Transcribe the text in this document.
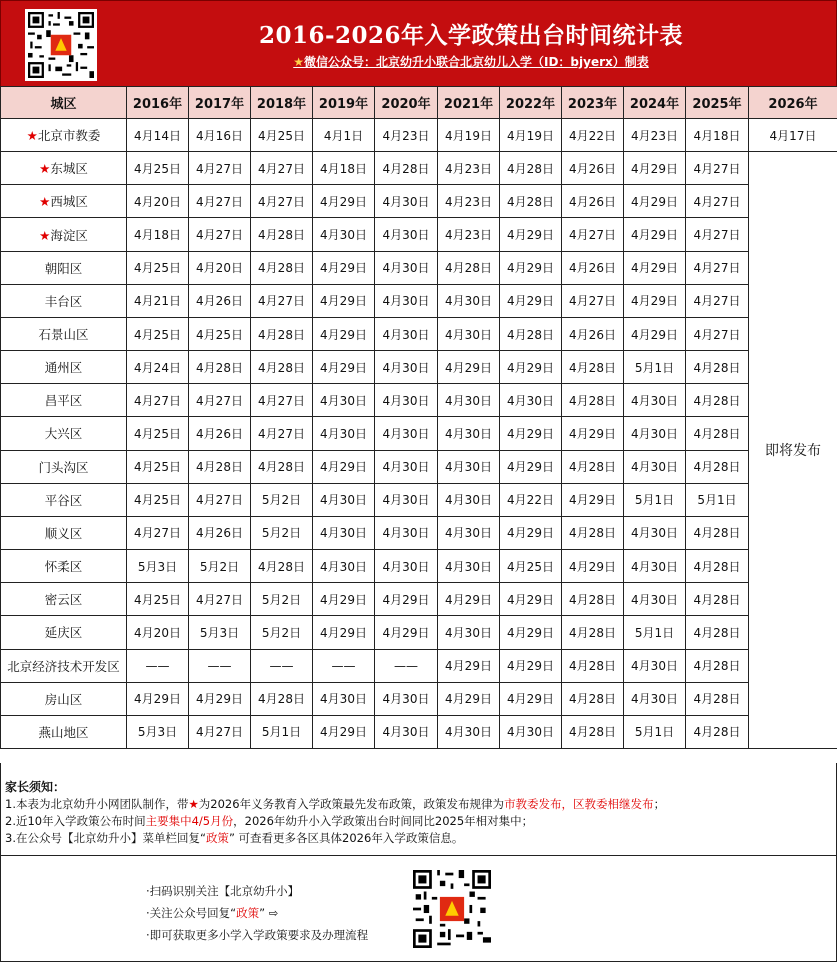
2016-2026年入学政策出台时间统计表
★微信公众号：北京幼升小联合北京幼儿入学（ID：bjyerx）制表
城区	2016年	2017年	2018年	2019年	2020年	2021年	2022年	2023年	2024年	2025年	2026年
★北京市教委	4月14日	4月16日	4月25日	4月1日	4月23日	4月19日	4月19日	4月22日	4月23日	4月18日	4月17日
★东城区	4月25日	4月27日	4月27日	4月18日	4月28日	4月23日	4月28日	4月26日	4月29日	4月27日	即将发布
★西城区	4月20日	4月27日	4月27日	4月29日	4月30日	4月23日	4月28日	4月26日	4月29日	4月27日	
★海淀区	4月18日	4月27日	4月28日	4月30日	4月30日	4月23日	4月29日	4月27日	4月29日	4月27日	
朝阳区	4月25日	4月20日	4月28日	4月29日	4月30日	4月28日	4月29日	4月26日	4月29日	4月27日	
丰台区	4月21日	4月26日	4月27日	4月29日	4月30日	4月30日	4月29日	4月27日	4月29日	4月27日	
石景山区	4月25日	4月25日	4月28日	4月29日	4月30日	4月30日	4月28日	4月26日	4月29日	4月27日	
通州区	4月24日	4月28日	4月28日	4月29日	4月30日	4月29日	4月29日	4月28日	5月1日	4月28日	
昌平区	4月27日	4月27日	4月27日	4月30日	4月30日	4月30日	4月30日	4月28日	4月30日	4月28日	
大兴区	4月25日	4月26日	4月27日	4月30日	4月30日	4月30日	4月29日	4月29日	4月30日	4月28日	
门头沟区	4月25日	4月28日	4月28日	4月29日	4月30日	4月30日	4月29日	4月28日	4月30日	4月28日	
平谷区	4月25日	4月27日	5月2日	4月30日	4月30日	4月30日	4月22日	4月29日	5月1日	5月1日	
顺义区	4月27日	4月26日	5月2日	4月30日	4月30日	4月30日	4月29日	4月28日	4月30日	4月28日	
怀柔区	5月3日	5月2日	4月28日	4月30日	4月30日	4月30日	4月25日	4月29日	4月30日	4月28日	
密云区	4月25日	4月27日	5月2日	4月29日	4月29日	4月29日	4月29日	4月28日	4月30日	4月28日	
延庆区	4月20日	5月3日	5月2日	4月29日	4月29日	4月30日	4月29日	4月28日	5月1日	4月28日	
北京经济技术开发区	——	——	——	——	——	4月29日	4月29日	4月28日	4月30日	4月28日	
房山区	4月29日	4月29日	4月28日	4月30日	4月30日	4月29日	4月29日	4月28日	4月30日	4月28日	
燕山地区	5月3日	4月27日	5月1日	4月29日	4月30日	4月30日	4月30日	4月28日	5月1日	4月28日	
家长须知：
1.本表为北京幼升小网团队制作，带★为2026年义务教育入学政策最先发布政策，政策发布规律为市教委发布，区教委相继发布；
2.近10年入学政策公布时间主要集中4/5月份，2026年幼升小入学政策出台时间同比2025年相对集中；
3.在公众号【北京幼升小】菜单栏回复“政策” 可查看更多各区具体2026年入学政策信息。
·扫码识别关注【北京幼升小】
·关注公众号回复“政策” ⇨
·即可获取更多小学入学政策要求及办理流程
